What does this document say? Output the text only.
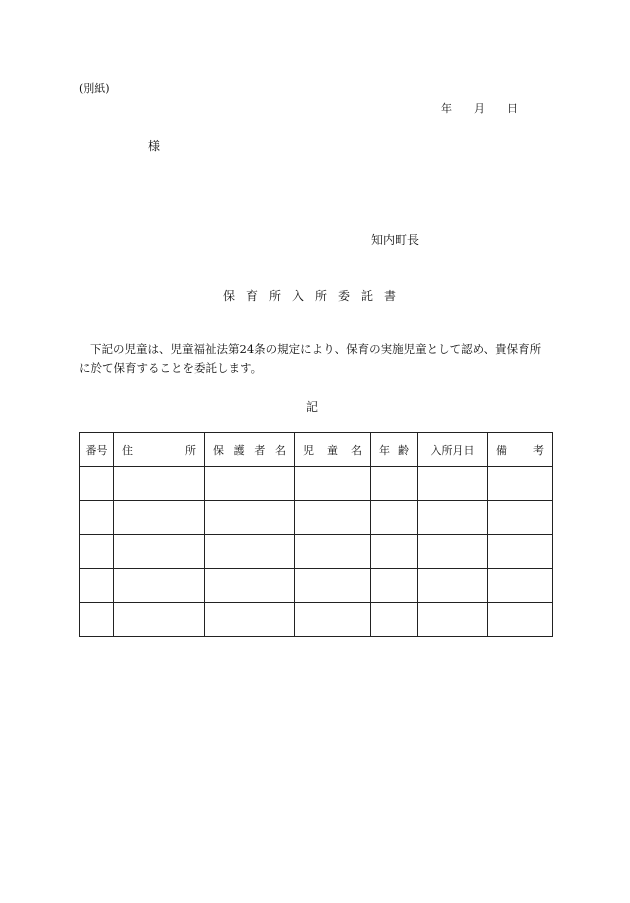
(別紙)
年 月 日
様
知内町長
保育所入所委託書

下記の児童は、児童福祉法第24条の規定により、保育の実施児童として認め、貴保育所

に於て保育することを委託します。

記
番号	住 所	保 護 者 名	児 童 名	年 齢	入所月日	備 考
